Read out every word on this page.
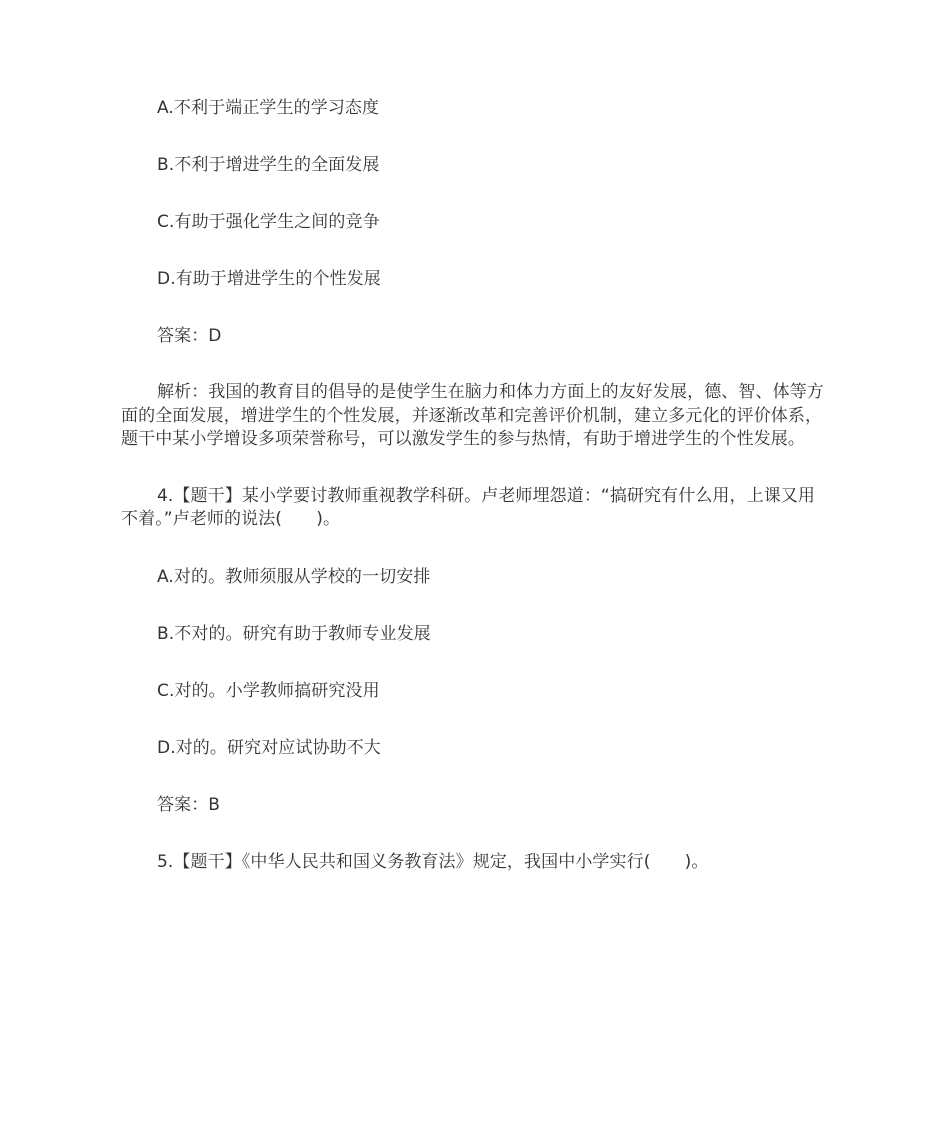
A.不利于端正学生的学习态度

B.不利于增进学生的全面发展

C.有助于强化学生之间的竞争

D.有助于增进学生的个性发展

答案：D

解析：我国的教育目的倡导的是使学生在脑力和体力方面上的友好发展，德、智、体等方面的全面发展，增进学生的个性发展，并逐渐改革和完善评价机制，建立多元化的评价体系，题干中某小学增设多项荣誉称号，可以激发学生的参与热情，有助于增进学生的个性发展。

4.【题干】某小学要讨教师重视教学科研。卢老师埋怨道：“搞研究有什么用，上课又用不着。”卢老师的说法(　　)。

A.对的。教师须服从学校的一切安排

B.不对的。研究有助于教师专业发展

C.对的。小学教师搞研究没用

D.对的。研究对应试协助不大

答案：B

5.【题干】《中华人民共和国义务教育法》规定，我国中小学实行(　　)。
